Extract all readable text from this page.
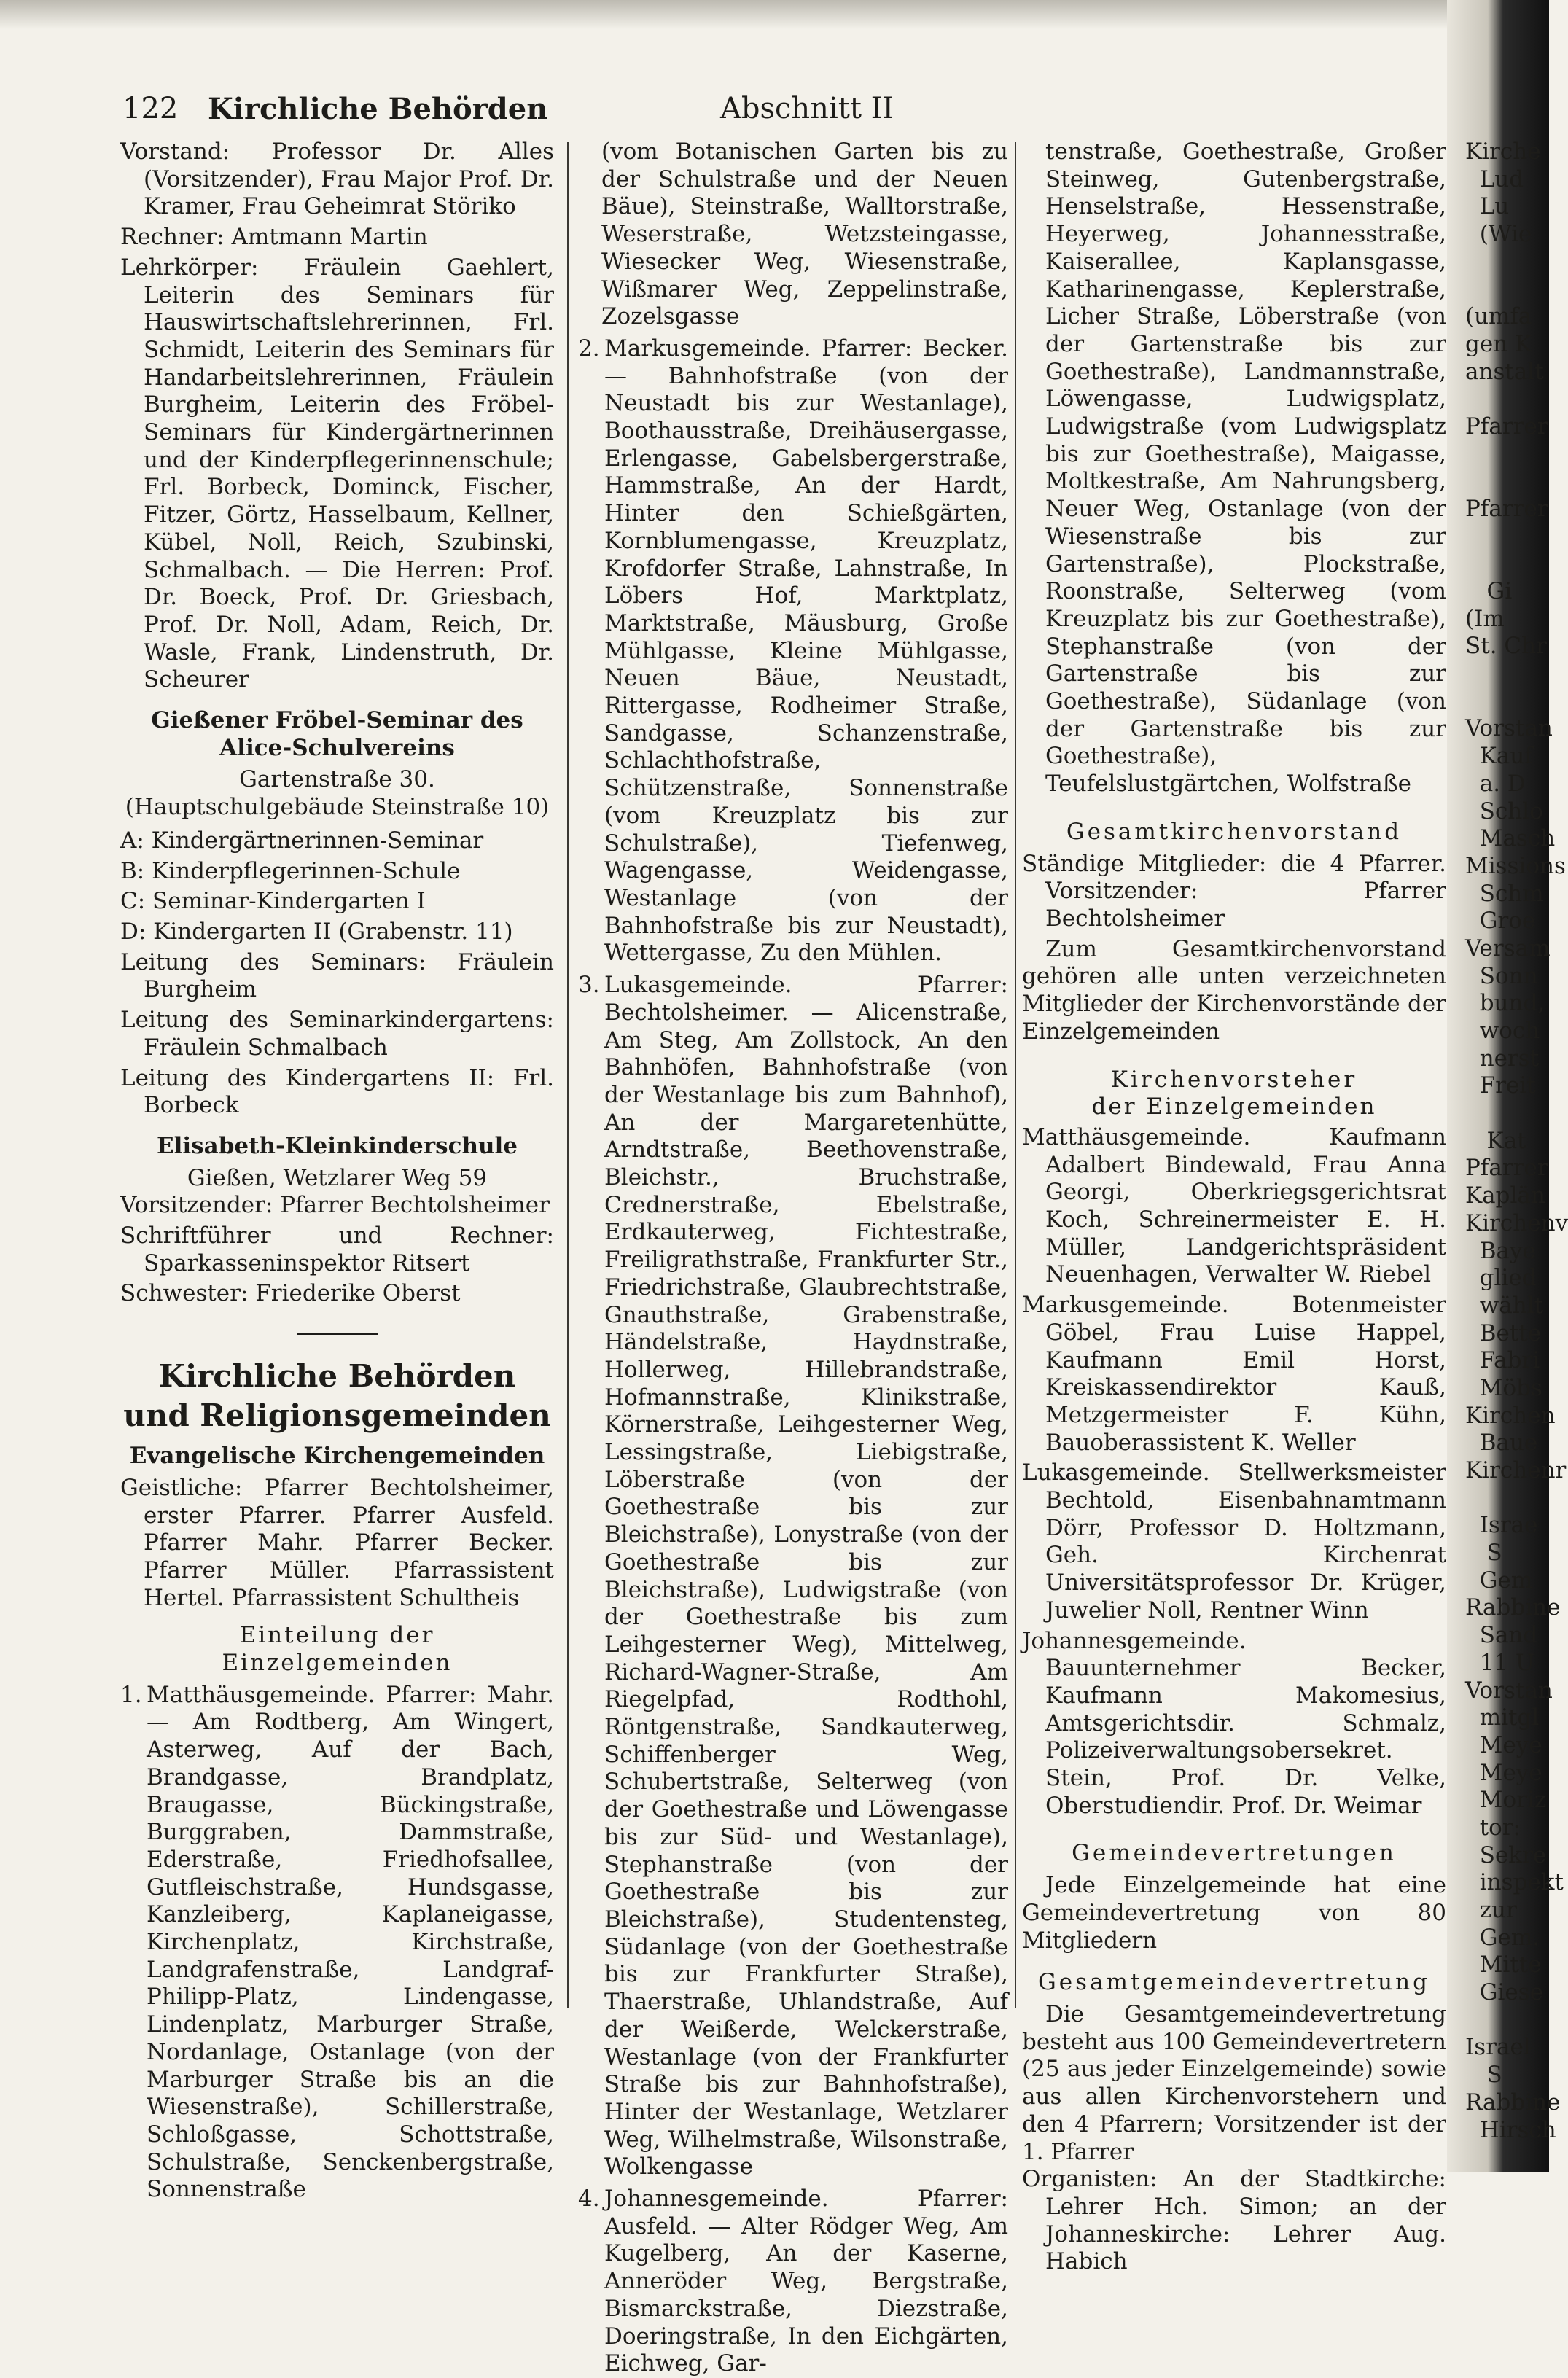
122 Kirchliche Behörden	Abschnitt II

Vorstand: Professor Dr. Alles (Vorsitzender), Frau Major Prof. Dr. Kramer, Frau Geheimrat Störiko

Rechner: Amtmann Martin

Lehrkörper: Fräulein Gaehlert, Leiterin des Seminars für Hauswirtschaftslehrerinnen, Frl. Schmidt, Leiterin des Seminars für Handarbeitslehrerinnen, Fräulein Burgheim, Leiterin des Fröbel-Seminars für Kindergärtnerinnen und der Kinderpflegerinnenschule; Frl. Borbeck, Dominck, Fischer, Fitzer, Görtz, Hasselbaum, Kellner, Kübel, Noll, Reich, Szubinski, Schmalbach. — Die Herren: Prof. Dr. Boeck, Prof. Dr. Griesbach, Prof. Dr. Noll, Adam, Reich, Dr. Wasle, Frank, Lindenstruth, Dr. Scheurer

Gießener Fröbel-Seminar des Alice-Schulvereins

Gartenstraße 30. (Hauptschulgebäude Steinstraße 10)

A: Kindergärtnerinnen-Seminar

B: Kinderpflegerinnen-Schule

C: Seminar-Kindergarten I

D: Kindergarten II (Grabenstr. 11)

Leitung des Seminars: Fräulein Burgheim

Leitung des Seminarkindergartens: Fräulein Schmalbach

Leitung des Kindergartens II: Frl. Borbeck

Elisabeth-Kleinkinderschule

Gießen, Wetzlarer Weg 59

Vorsitzender: Pfarrer Bechtolsheimer

Schriftführer und Rechner: Sparkasseninspektor Ritsert

Schwester: Friederike Oberst

Kirchliche Behörden

und Religionsgemeinden

Evangelische Kirchengemeinden

Geistliche: Pfarrer Bechtolsheimer, erster Pfarrer. Pfarrer Ausfeld. Pfarrer Mahr. Pfarrer Becker. Pfarrer Müller. Pfarrassistent Hertel. Pfarrassistent Schultheis

Einteilung der Einzelgemeinden

1. Matthäusgemeinde. Pfarrer: Mahr. — Am Rodtberg, Am Wingert, Asterweg, Auf der Bach, Brandgasse, Brandplatz, Braugasse, Bückingstraße, Burggraben, Dammstraße, Ederstraße, Friedhofsallee, Gutfleischstraße, Hundsgasse, Kanzleiberg, Kaplaneigasse, Kirchenplatz, Kirchstraße, Landgrafenstraße, Landgraf-Philipp-Platz, Lindengasse, Lindenplatz, Marburger Straße, Nordanlage, Ostanlage (von der Marburger Straße bis an die Wiesenstraße), Schillerstraße, Schloßgasse, Schottstraße, Schulstraße, Senckenbergstraße, Sonnenstraße

(vom Botanischen Garten bis zu der Schulstraße und der Neuen Bäue), Steinstraße, Walltorstraße, Weserstraße, Wetzsteingasse, Wiesecker Weg, Wiesenstraße, Wißmarer Weg, Zeppelinstraße, Zozelsgasse

2. Markusgemeinde. Pfarrer: Becker. — Bahnhofstraße (von der Neustadt bis zur Westanlage), Boothausstraße, Dreihäusergasse, Erlengasse, Gabelsbergerstraße, Hammstraße, An der Hardt, Hinter den Schießgärten, Kornblumengasse, Kreuzplatz, Krofdorfer Straße, Lahnstraße, In Löbers Hof, Marktplatz, Marktstraße, Mäusburg, Große Mühlgasse, Kleine Mühlgasse, Neuen Bäue, Neustadt, Rittergasse, Rodheimer Straße, Sandgasse, Schanzenstraße, Schlachthofstraße, Schützenstraße, Sonnenstraße (vom Kreuzplatz bis zur Schulstraße), Tiefenweg, Wagengasse, Weidengasse, Westanlage (von der Bahnhofstraße bis zur Neustadt), Wettergasse, Zu den Mühlen.
3. Lukasgemeinde. Pfarrer: Bechtolsheimer. — Alicenstraße, Am Steg, Am Zollstock, An den Bahnhöfen, Bahnhofstraße (von der Westanlage bis zum Bahnhof), An der Margaretenhütte, Arndtstraße, Beethovenstraße, Bleichstr., Bruchstraße, Crednerstraße, Ebelstraße, Erdkauterweg, Fichtestraße, Freiligrathstraße, Frankfurter Str., Friedrichstraße, Glaubrechtstraße, Gnauthstraße, Grabenstraße, Händelstraße, Haydnstraße, Hollerweg, Hillebrandstraße, Hofmannstraße, Klinikstraße, Körnerstraße, Leihgesterner Weg, Lessingstraße, Liebigstraße, Löberstraße (von der Goethestraße bis zur Bleichstraße), Lonystraße (von der Goethestraße bis zur Bleichstraße), Ludwigstraße (von der Goethestraße bis zum Leihgesterner Weg), Mittelweg, Richard-Wagner-Straße, Am Riegelpfad, Rodthohl, Röntgenstraße, Sandkauterweg, Schiffenberger Weg, Schubertstraße, Selterweg (von der Goethestraße und Löwengasse bis zur Süd- und Westanlage), Stephanstraße (von der Goethestraße bis zur Bleichstraße), Studentensteg, Südanlage (von der Goethestraße bis zur Frankfurter Straße), Thaerstraße, Uhlandstraße, Auf der Weißerde, Welckerstraße, Westanlage (von der Frankfurter Straße bis zur Bahnhofstraße), Hinter der Westanlage, Wetzlarer Weg, Wilhelmstraße, Wilsonstraße, Wolkengasse
4. Johannesgemeinde. Pfarrer: Ausfeld. — Alter Rödger Weg, Am Kugelberg, An der Kaserne, Anneröder Weg, Bergstraße, Bismarckstraße, Diezstraße, Doeringstraße, In den Eichgärten, Eichweg, Gar-

tenstraße, Goethestraße, Großer Steinweg, Gutenbergstraße, Henselstraße, Hessenstraße, Heyerweg, Johannesstraße, Kaiserallee, Kaplansgasse, Katharinengasse, Keplerstraße, Licher Straße, Löberstraße (von der Gartenstraße bis zur Goethestraße), Landmannstraße, Löwengasse, Ludwigsplatz, Ludwigstraße (vom Ludwigsplatz bis zur Goethestraße), Maigasse, Moltkestraße, Am Nahrungsberg, Neuer Weg, Ostanlage (von der Wiesenstraße bis zur Gartenstraße), Plockstraße, Roonstraße, Selterweg (vom Kreuzplatz bis zur Goethestraße), Stephanstraße (von der Gartenstraße bis zur Goethestraße), Südanlage (von der Gartenstraße bis zur Goethestraße), Teufelslustgärtchen, Wolfstraße

Gesamtkirchenvorstand

Ständige Mitglieder: die 4 Pfarrer. Vorsitzender: Pfarrer Bechtolsheimer

Zum Gesamtkirchenvorstand gehören alle unten verzeichneten Mitglieder der Kirchenvorstände der Einzelgemeinden

Kirchenvorsteher

der Einzelgemeinden

Matthäusgemeinde. Kaufmann Adalbert Bindewald, Frau Anna Georgi, Oberkriegsgerichtsrat Koch, Schreinermeister E. H. Müller, Landgerichtspräsident Neuenhagen, Verwalter W. Riebel

Markusgemeinde. Botenmeister Göbel, Frau Luise Happel, Kaufmann Emil Horst, Kreiskassendirektor Kauß, Metzgermeister F. Kühn, Bauoberassistent K. Weller

Lukasgemeinde. Stellwerksmeister Bechtold, Eisenbahnamtmann Dörr, Professor D. Holtzmann, Geh. Kirchenrat Universitätsprofessor Dr. Krüger, Juwelier Noll, Rentner Winn

Johannesgemeinde. Bauunternehmer Becker, Kaufmann Makomesius, Amtsgerichtsdir. Schmalz, Polizeiverwaltungsobersekret. Stein, Prof. Dr. Velke, Oberstudiendir. Prof. Dr. Weimar

Gemeindevertretungen

Jede Einzelgemeinde hat eine Gemeindevertretung von 80 Mitgliedern

Gesamtgemeindevertretung

Die Gesamtgemeindevertretung besteht aus 100 Gemeindevertretern (25 aus jeder Einzelgemeinde) sowie aus allen Kirchenvorstehern und den 4 Pfarrern; Vorsitzender ist der 1. Pfarrer

Organisten: An der Stadtkirche: Lehrer Hch. Simon; an der Johanneskirche: Lehrer Aug. Habich

Kirche
Lud
Lu
(Wie
(umfa
gen K
anstalt
Pfarrer
Pfarrer
Gi
(Im
St. Chr
Vorstan
Kauf
a. D
Schlo
Masch
Missions
Schm
Groe
Versam
Sonn
bund,
woch
nerst
Freit
Kat
Pfarrer
Kaplän
Kirchenv
Baye
glied
wählt
Bette
Fabri
Möbs
Kirchen
Baue
Kirchenr
Israe
S
Gem
Rabbine
Sand
11 U
Vorstan
mitgl
Meye
Meye
Moriz
tor:
Sekre
inspekt
zur
Gem.
Mitte
Giese
Israel
S
Rabbine
Hirsch
